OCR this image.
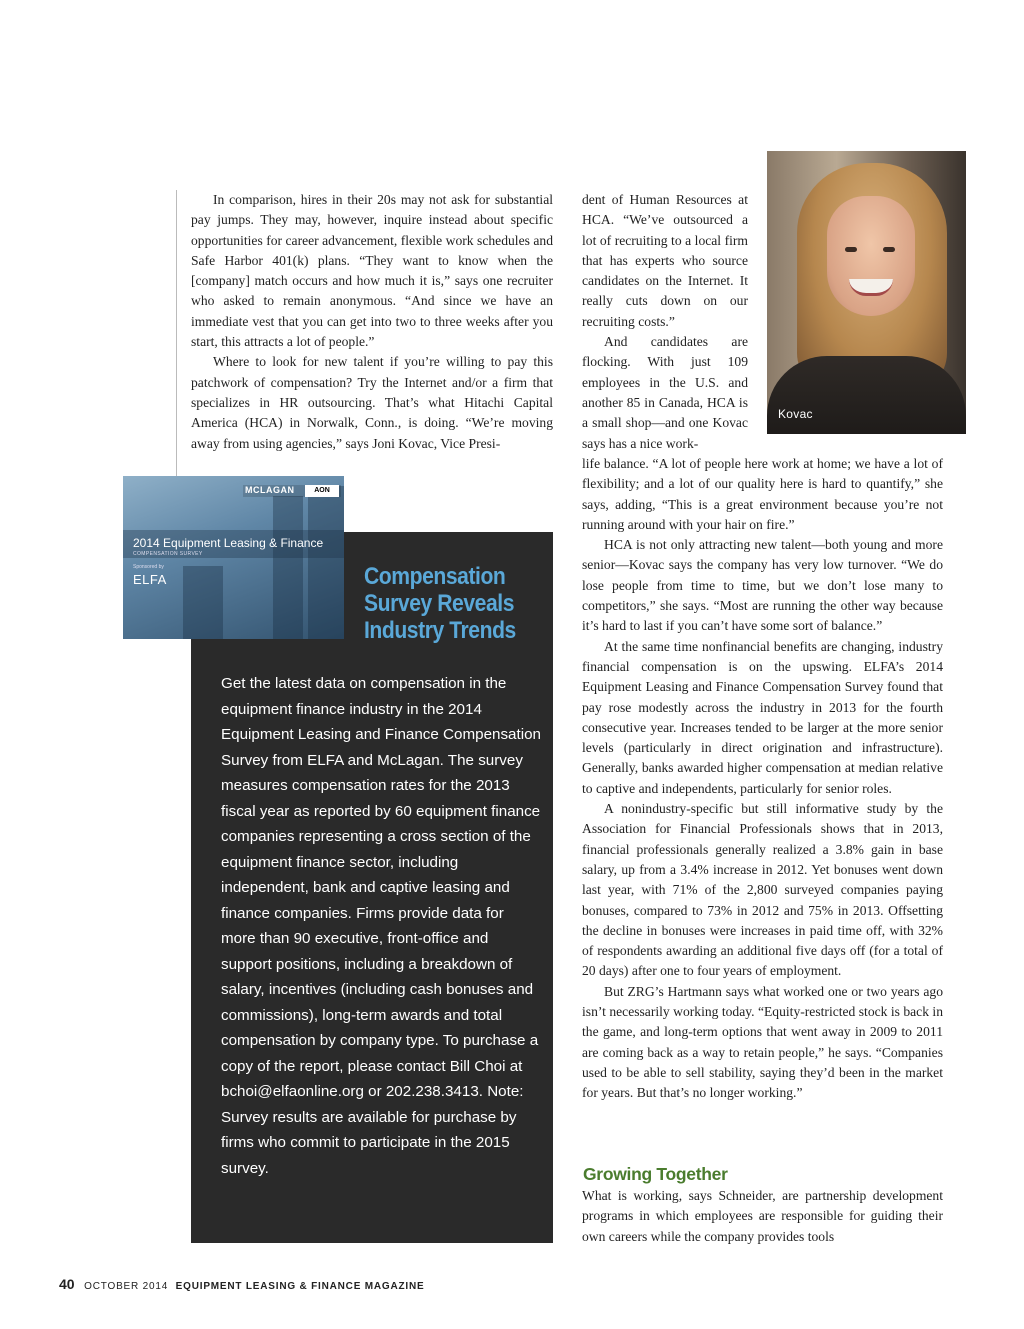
In comparison, hires in their 20s may not ask for substantial pay jumps. They may, however, inquire instead about specific opportunities for career advancement, flexible work schedules and Safe Harbor 401(k) plans. “They want to know when the [company] match occurs and how much it is,” says one recruiter who asked to remain anonymous. “And since we have an immediate vest that you can get into two to three weeks after you start, this attracts a lot of people.”

Where to look for new talent if you’re willing to pay this patchwork of compensation? Try the Internet and/or a firm that specializes in HR outsourcing. That’s what Hitachi Capital America (HCA) in Norwalk, Conn., is doing. “We’re moving away from using agencies,” says Joni Kovac, Vice Presi-

dent of Human Resources at HCA. “We’ve outsourced a lot of recruiting to a local firm that has experts who source candidates on the Internet. It really cuts down on our recruiting costs.”

And candidates are flocking. With just 109 employees in the U.S. and another 85 in Canada, HCA is a small shop—and one Kovac says has a nice work-

Kovac

life balance. “A lot of people here work at home; we have a lot of flexibility; and a lot of our quality here is hard to quantify,” she says, adding, “This is a great environment because you’re not running around with your hair on fire.”

HCA is not only attracting new talent—both young and more senior—Kovac says the company has very low turnover. “We do lose people from time to time, but we don’t lose many to competitors,” she says. “Most are running the other way because it’s hard to last if you can’t have some sort of balance.”

At the same time nonfinancial benefits are changing, industry financial compensation is on the upswing. ELFA’s 2014 Equipment Leasing and Finance Compensation Survey found that pay rose modestly across the industry in 2013 for the fourth consecutive year. Increases tended to be larger at the more senior levels (particularly in direct origination and infrastructure). Generally, banks awarded higher compensation at median relative to captive and independents, particularly for senior roles.

A nonindustry-specific but still informative study by the Association for Financial Professionals shows that in 2013, financial professionals generally realized a 3.8% gain in base salary, up from a 3.4% increase in 2012. Yet bonuses went down last year, with 71% of the 2,800 surveyed companies paying bonuses, compared to 73% in 2012 and 75% in 2013. Offsetting the decline in bonuses were increases in paid time off, with 32% of respondents awarding an additional five days off (for a total of 20 days) after one to four years of employment.

But ZRG’s Hartmann says what worked one or two years ago isn’t necessarily working today. “Equity-restricted stock is back in the game, and long-term options that went away in 2009 to 2011 are coming back as a way to retain people,” he says. “Companies used to be able to sell stability, saying they’d been in the market for years. But that’s no longer working.”

Growing Together

What is working, says Schneider, are partnership development programs in which employees are responsible for guiding their own careers while the company provides tools

Compensation Survey Reveals Industry Trends

Get the latest data on compensation in the equipment finance industry in the 2014 Equipment Leasing and Finance Compensation Survey from ELFA and McLagan. The survey measures compensation rates for the 2013 fiscal year as reported by 60 equipment finance companies representing a cross section of the equipment finance sector, including independent, bank and captive leasing and finance companies. Firms provide data for more than 90 executive, front-office and support positions, including a breakdown of salary, incentives (including cash bonuses and commissions), long-term awards and total compensation by company type. To purchase a copy of the report, please contact Bill Choi at bchoi@elfaonline.org or 202.238.3413. Note: Survey results are available for purchase by firms who commit to participate in the 2015 survey.

MCLAGAN	AON
2014 Equipment Leasing & Finance
COMPENSATION SURVEY
Sponsored by
ELFA
40 OCTOBER 2014 EQUIPMENT LEASING & FINANCE MAGAZINE
